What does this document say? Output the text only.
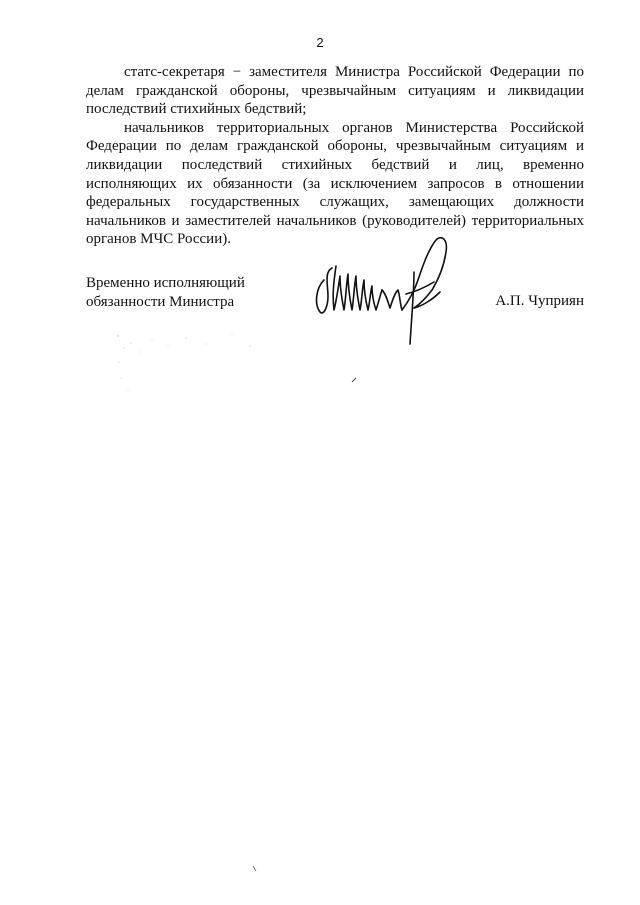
2

статс-секретаря − заместителя Министра Российской Федерации по делам гражданской обороны, чрезвычайным ситуациям и ликвидации последствий стихийных бедствий;

начальников территориальных органов Министерства Российской Федерации по делам гражданской обороны, чрезвычайным ситуациям и ликвидации последствий стихийных бедствий и лиц, временно исполняющих их обязанности (за исключением запросов в отношении федеральных государственных служащих, замещающих должности начальников и заместителей начальников (руководителей) территориальных органов МЧС России).

Временно исполняющий
обязанности Министра	А.П. Чуприян
